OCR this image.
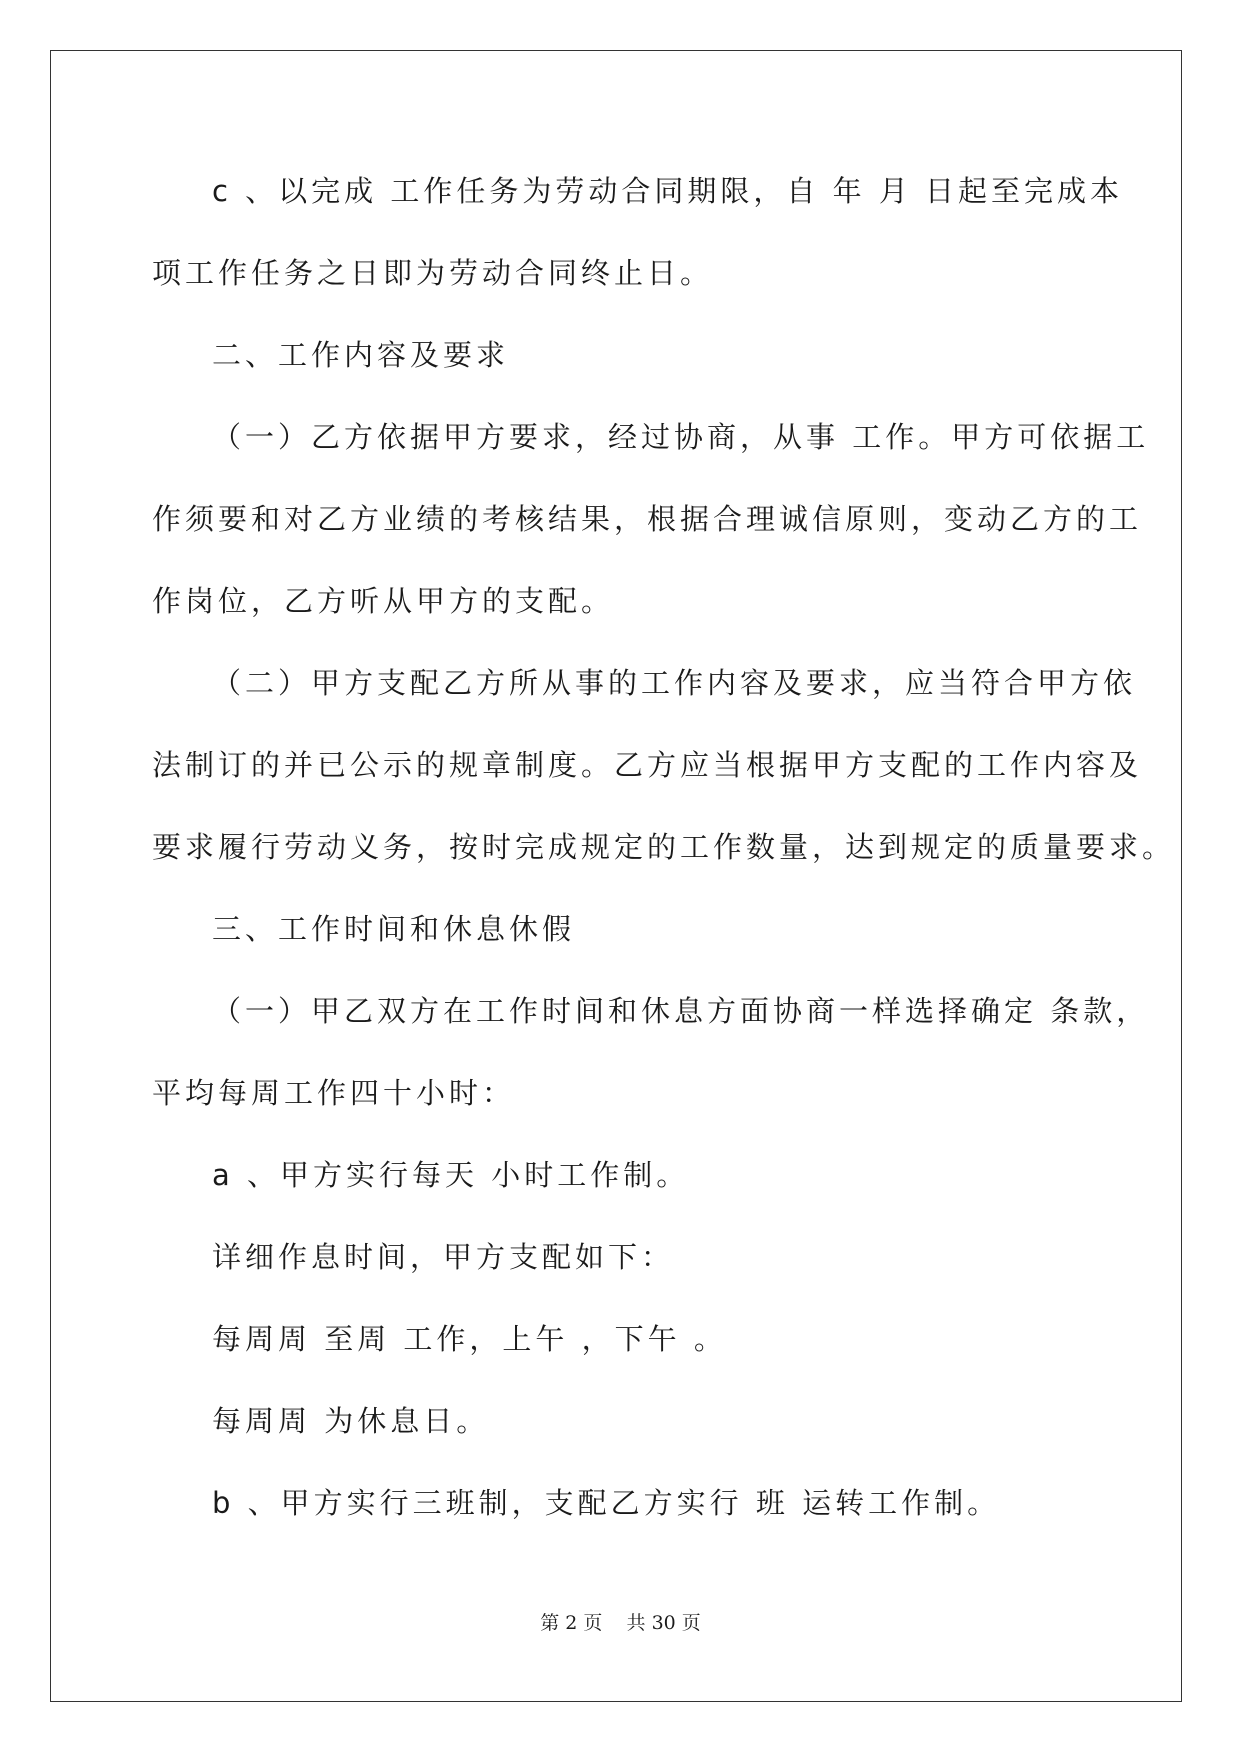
c 、以完成 工作任务为劳动合同期限，自 年 月 日起至完成本
项工作任务之日即为劳动合同终止日。
二、工作内容及要求
（一）乙方依据甲方要求，经过协商，从事 工作。甲方可依据工
作须要和对乙方业绩的考核结果，根据合理诚信原则，变动乙方的工
作岗位，乙方听从甲方的支配。
（二）甲方支配乙方所从事的工作内容及要求，应当符合甲方依
法制订的并已公示的规章制度。乙方应当根据甲方支配的工作内容及
要求履行劳动义务，按时完成规定的工作数量，达到规定的质量要求。
三、工作时间和休息休假
（一）甲乙双方在工作时间和休息方面协商一样选择确定 条款，
平均每周工作四十小时：
a 、甲方实行每天 小时工作制。
详细作息时间，甲方支配如下：
每周周 至周 工作，上午 ，下午 。
每周周 为休息日。
b 、甲方实行三班制，支配乙方实行 班 运转工作制。
第 2 页 共 30 页
